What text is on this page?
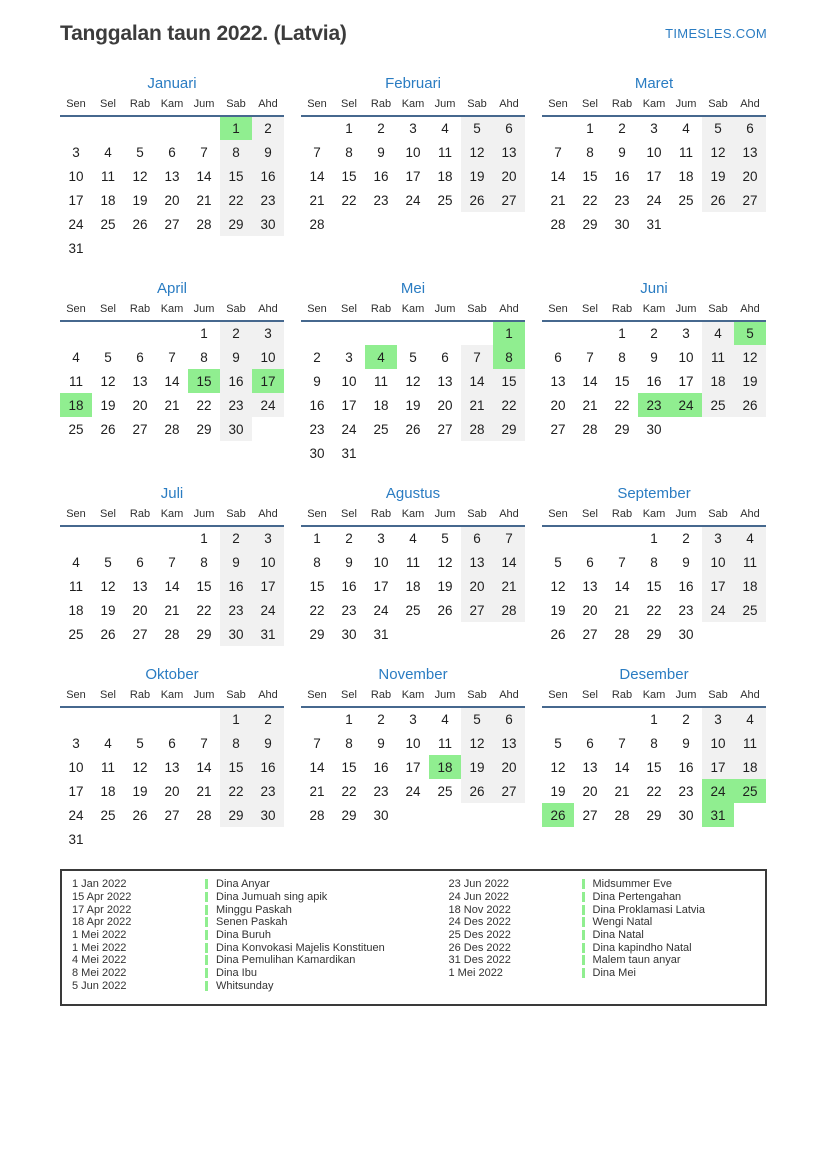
Tanggalan taun 2022. (Latvia)	TIMESLES.COM
Januari
Sen	Sel	Rab	Kam	Jum	Sab	Ahd
					1	2
3	4	5	6	7	8	9
10	11	12	13	14	15	16
17	18	19	20	21	22	23
24	25	26	27	28	29	30
31						
Februari
Sen	Sel	Rab	Kam	Jum	Sab	Ahd
	1	2	3	4	5	6
7	8	9	10	11	12	13
14	15	16	17	18	19	20
21	22	23	24	25	26	27
28						
Maret
Sen	Sel	Rab	Kam	Jum	Sab	Ahd
	1	2	3	4	5	6
7	8	9	10	11	12	13
14	15	16	17	18	19	20
21	22	23	24	25	26	27
28	29	30	31			
April
Sen	Sel	Rab	Kam	Jum	Sab	Ahd
				1	2	3
4	5	6	7	8	9	10
11	12	13	14	15	16	17
18	19	20	21	22	23	24
25	26	27	28	29	30	
Mei
Sen	Sel	Rab	Kam	Jum	Sab	Ahd
						1
2	3	4	5	6	7	8
9	10	11	12	13	14	15
16	17	18	19	20	21	22
23	24	25	26	27	28	29
30	31					
Juni
Sen	Sel	Rab	Kam	Jum	Sab	Ahd
		1	2	3	4	5
6	7	8	9	10	11	12
13	14	15	16	17	18	19
20	21	22	23	24	25	26
27	28	29	30			
Juli
Sen	Sel	Rab	Kam	Jum	Sab	Ahd
				1	2	3
4	5	6	7	8	9	10
11	12	13	14	15	16	17
18	19	20	21	22	23	24
25	26	27	28	29	30	31
Agustus
Sen	Sel	Rab	Kam	Jum	Sab	Ahd
1	2	3	4	5	6	7
8	9	10	11	12	13	14
15	16	17	18	19	20	21
22	23	24	25	26	27	28
29	30	31				
September
Sen	Sel	Rab	Kam	Jum	Sab	Ahd
			1	2	3	4
5	6	7	8	9	10	11
12	13	14	15	16	17	18
19	20	21	22	23	24	25
26	27	28	29	30		
Oktober
Sen	Sel	Rab	Kam	Jum	Sab	Ahd
					1	2
3	4	5	6	7	8	9
10	11	12	13	14	15	16
17	18	19	20	21	22	23
24	25	26	27	28	29	30
31						
November
Sen	Sel	Rab	Kam	Jum	Sab	Ahd
	1	2	3	4	5	6
7	8	9	10	11	12	13
14	15	16	17	18	19	20
21	22	23	24	25	26	27
28	29	30				
Desember
Sen	Sel	Rab	Kam	Jum	Sab	Ahd
			1	2	3	4
5	6	7	8	9	10	11
12	13	14	15	16	17	18
19	20	21	22	23	24	25
26	27	28	29	30	31	
1 Jan 2022	Dina Anyar
15 Apr 2022	Dina Jumuah sing apik
17 Apr 2022	Minggu Paskah
18 Apr 2022	Senen Paskah
1 Mei 2022	Dina Buruh
1 Mei 2022	Dina Konvokasi Majelis Konstituen
4 Mei 2022	Dina Pemulihan Kamardikan
8 Mei 2022	Dina Ibu
5 Jun 2022	Whitsunday
23 Jun 2022	Midsummer Eve
24 Jun 2022	Dina Pertengahan
18 Nov 2022	Dina Proklamasi Latvia
24 Des 2022	Wengi Natal
25 Des 2022	Dina Natal
26 Des 2022	Dina kapindho Natal
31 Des 2022	Malem taun anyar
1 Mei 2022	Dina Mei
